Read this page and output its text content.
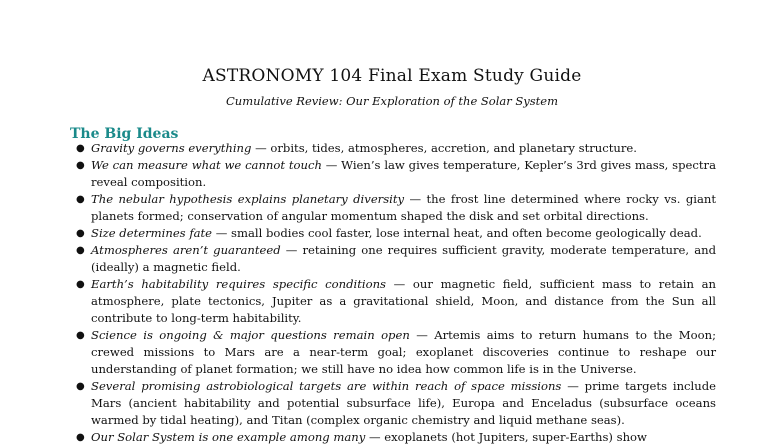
ASTRONOMY 104 Final Exam Study Guide
Cumulative Review: Our Exploration of the Solar System
The Big Ideas
● Gravity governs everything — orbits, tides, atmospheres, accretion, and planetary structure.
● We can measure what we cannot touch — Wien’s law gives temperature, Kepler’s 3rd gives mass, spectra reveal composition.
● The nebular hypothesis explains planetary diversity — the frost line determined where rocky vs. giant planets formed; conservation of angular momentum shaped the disk and set orbital directions.
● Size determines fate — small bodies cool faster, lose internal heat, and often become geologically dead.
● Atmospheres aren’t guaranteed — retaining one requires sufficient gravity, moderate temperature, and (ideally) a magnetic field.
● Earth’s habitability requires specific conditions — our magnetic field, sufficient mass to retain an atmosphere, plate tectonics, Jupiter as a gravitational shield, Moon, and distance from the Sun all contribute to long-term habitability.
● Science is ongoing & major questions remain open — Artemis aims to return humans to the Moon; crewed missions to Mars are a near-term goal; exoplanet discoveries continue to reshape our understanding of planet formation; we still have no idea how common life is in the Universe.
● Several promising astrobiological targets are within reach of space missions — prime targets include Mars (ancient habitability and potential subsurface life), Europa and Enceladus (subsurface oceans warmed by tidal heating), and Titan (complex organic chemistry and liquid methane seas).
● Our Solar System is one example among many — exoplanets (hot Jupiters, super-Earths) show
